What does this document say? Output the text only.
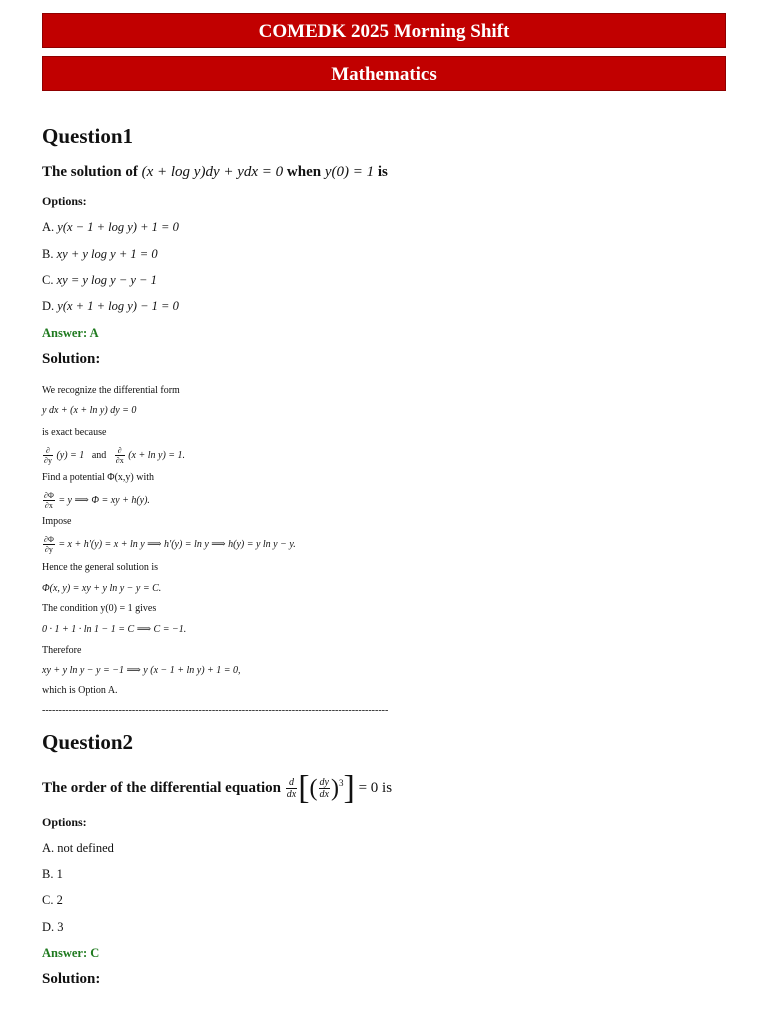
COMEDK 2025 Morning Shift
Mathematics
Question1
The solution of (x + log y)dy + ydx = 0 when y(0) = 1 is
Options:
A. y(x − 1 + log y) + 1 = 0
B. xy + y log y + 1 = 0
C. xy = y log y − y − 1
D. y(x + 1 + log y) − 1 = 0
Answer: A
Solution:
We recognize the differential form
y dx + (x + ln y) dy = 0
is exact because
$\frac{\partial}{\partial y} (y) = 1$ and $\frac{\partial}{\partial x} (x + \ln y) = 1$.
Find a potential Φ(x,y) with
$\frac{\partial\Phi}{\partial x} = y$ ⟹ Φ = xy + h(y).
Impose
$\frac{\partial\Phi}{\partial y} = x + h'(y) = x + \ln y$ ⟹ h′(y) = ln y ⟹ h(y) = y ln y − y.
Hence the general solution is
Φ(x, y) = xy + y ln y − y = C.
The condition y(0) = 1 gives
0 · 1 + 1 · ln 1 − 1 = C ⟹ C = −1.
Therefore
xy + y ln y − y = −1 ⟹ y (x − 1 + ln y) + 1 = 0,
which is Option A.
--------------------------------------------------------------------------------------------------------
Question2
The order of the differential equation $\frac{d}{dx}$ [( $\frac{dy}{dx} )^3] = 0$ is
Options:
A. not defined
B. 1
C. 2
D. 3
Answer: C
Solution:
